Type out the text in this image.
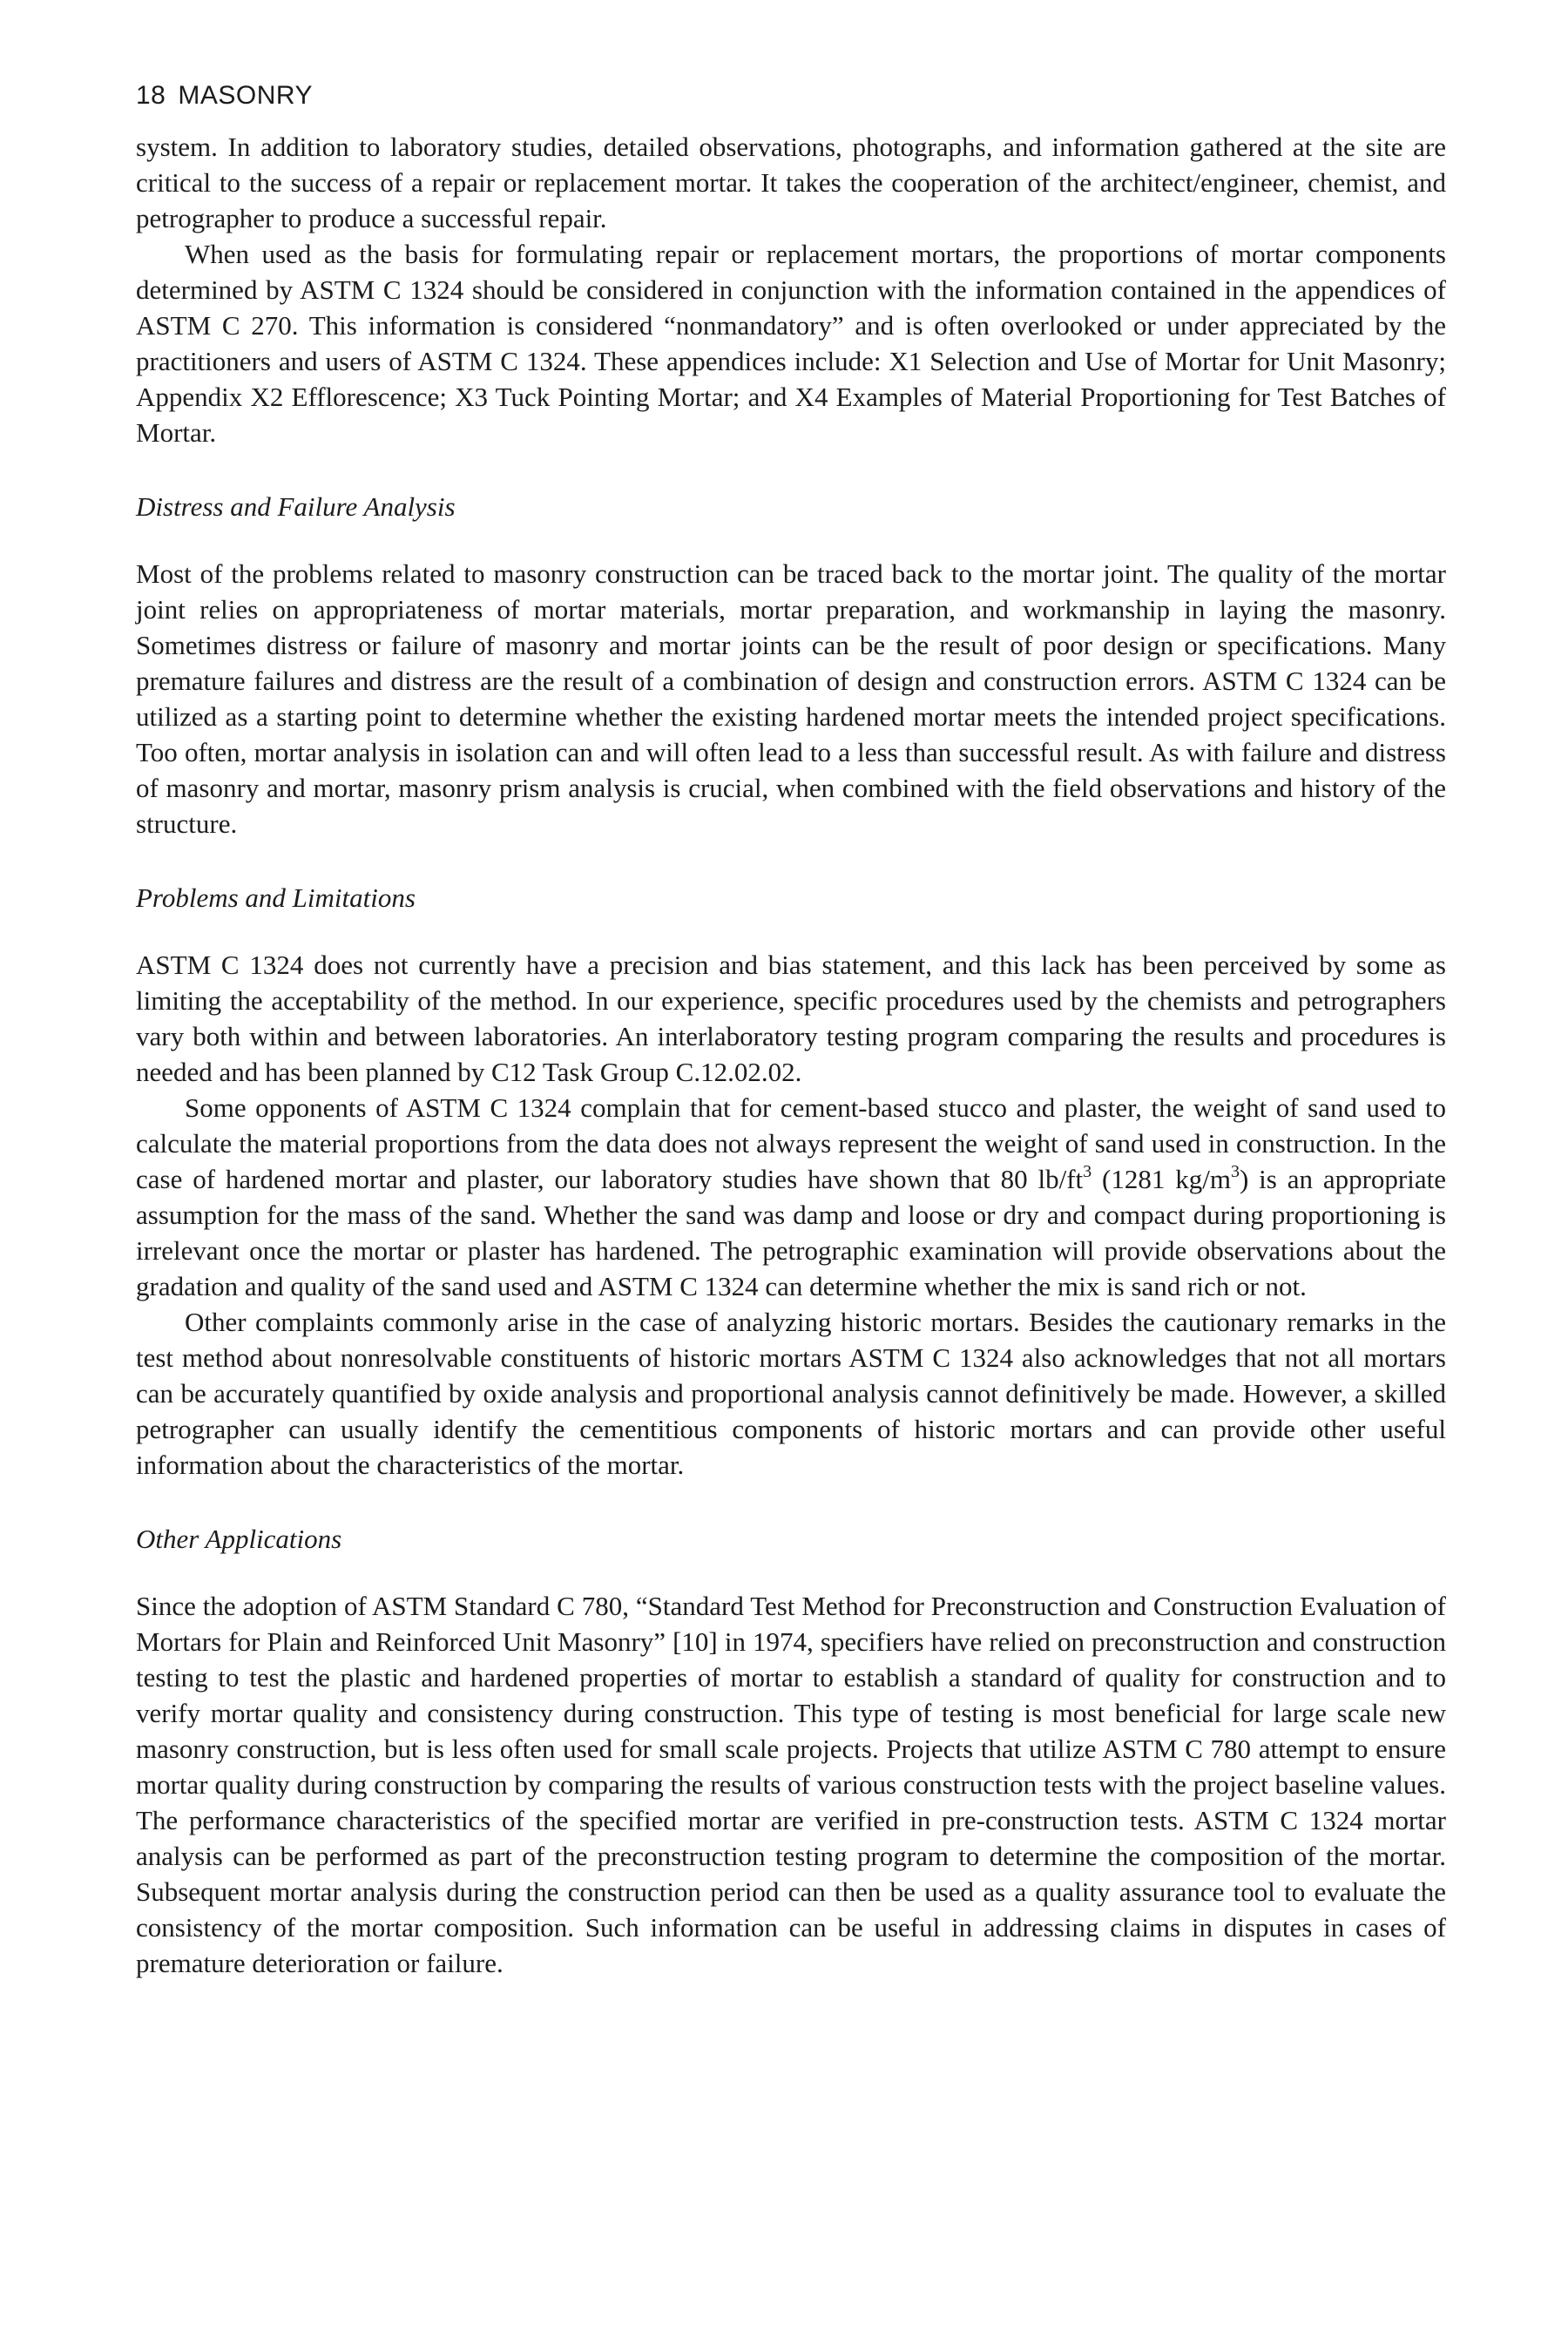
18 MASONRY

system. In addition to laboratory studies, detailed observations, photographs, and information gathered at the site are critical to the success of a repair or replacement mortar. It takes the cooperation of the architect/engineer, chemist, and petrographer to produce a successful repair.

When used as the basis for formulating repair or replacement mortars, the proportions of mortar components determined by ASTM C 1324 should be considered in conjunction with the information contained in the appendices of ASTM C 270. This information is considered “nonmandatory” and is often overlooked or under appreciated by the practitioners and users of ASTM C 1324. These appendices include: X1 Selection and Use of Mortar for Unit Masonry; Appendix X2 Efflorescence; X3 Tuck Pointing Mortar; and X4 Examples of Material Proportioning for Test Batches of Mortar.

Distress and Failure Analysis

Most of the problems related to masonry construction can be traced back to the mortar joint. The quality of the mortar joint relies on appropriateness of mortar materials, mortar preparation, and workmanship in laying the masonry. Sometimes distress or failure of masonry and mortar joints can be the result of poor design or specifications. Many premature failures and distress are the result of a combination of design and construction errors. ASTM C 1324 can be utilized as a starting point to determine whether the existing hardened mortar meets the intended project specifications. Too often, mortar analysis in isolation can and will often lead to a less than successful result. As with failure and distress of masonry and mortar, masonry prism analysis is crucial, when combined with the field observations and history of the structure.

Problems and Limitations

ASTM C 1324 does not currently have a precision and bias statement, and this lack has been perceived by some as limiting the acceptability of the method. In our experience, specific procedures used by the chemists and petrographers vary both within and between laboratories. An interlaboratory testing program comparing the results and procedures is needed and has been planned by C12 Task Group C.12.02.02.

Some opponents of ASTM C 1324 complain that for cement-based stucco and plaster, the weight of sand used to calculate the material proportions from the data does not always represent the weight of sand used in construction. In the case of hardened mortar and plaster, our laboratory studies have shown that 80 $lb/ft^3$ (1281 $kg/m^3$) is an appropriate assumption for the mass of the sand. Whether the sand was damp and loose or dry and compact during proportioning is irrelevant once the mortar or plaster has hardened. The petrographic examination will provide observations about the gradation and quality of the sand used and ASTM C 1324 can determine whether the mix is sand rich or not.

Other complaints commonly arise in the case of analyzing historic mortars. Besides the cautionary remarks in the test method about nonresolvable constituents of historic mortars ASTM C 1324 also acknowledges that not all mortars can be accurately quantified by oxide analysis and proportional analysis cannot definitively be made. However, a skilled petrographer can usually identify the cementitious components of historic mortars and can provide other useful information about the characteristics of the mortar.

Other Applications

Since the adoption of ASTM Standard C 780, “Standard Test Method for Preconstruction and Construction Evaluation of Mortars for Plain and Reinforced Unit Masonry” [10] in 1974, specifiers have relied on preconstruction and construction testing to test the plastic and hardened properties of mortar to establish a standard of quality for construction and to verify mortar quality and consistency during construction. This type of testing is most beneficial for large scale new masonry construction, but is less often used for small scale projects. Projects that utilize ASTM C 780 attempt to ensure mortar quality during construction by comparing the results of various construction tests with the project baseline values. The performance characteristics of the specified mortar are verified in pre-construction tests. ASTM C 1324 mortar analysis can be performed as part of the preconstruction testing program to determine the composition of the mortar. Subsequent mortar analysis during the construction period can then be used as a quality assurance tool to evaluate the consistency of the mortar composition. Such information can be useful in addressing claims in disputes in cases of premature deterioration or failure.
